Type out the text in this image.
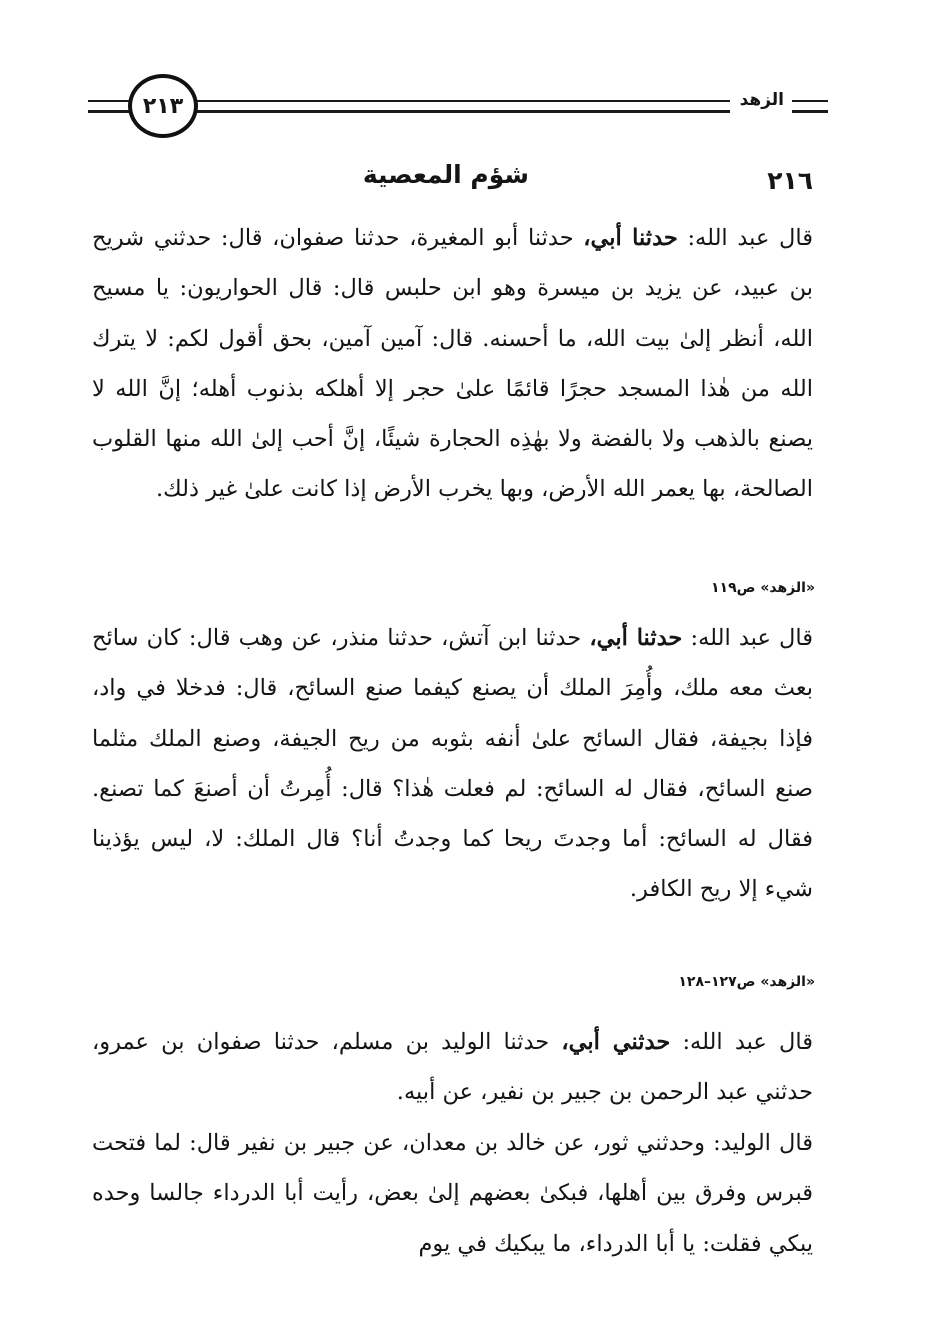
الزهد
٢١٣
٢١٦
شؤم المعصية

قال عبد الله: حدثنا أبي، حدثنا أبو المغيرة، حدثنا صفوان، قال: حدثني شريح بن عبيد، عن يزيد بن ميسرة وهو ابن حلبس قال: قال الحواريون: يا مسيح الله، أنظر إلىٰ بيت الله، ما أحسنه. قال: آمين آمين، بحق أقول لكم: لا يترك الله من هٰذا المسجد حجرًا قائمًا علىٰ حجر إلا أهلكه بذنوب أهله؛ إنَّ الله لا يصنع بالذهب ولا بالفضة ولا بهٰذِه الحجارة شيئًا، إنَّ أحب إلىٰ الله منها القلوب الصالحة، بها يعمر الله الأرض، وبها يخرب الأرض إذا كانت علىٰ غير ذلك.

«الزهد» ص١١٩

قال عبد الله: حدثنا أبي، حدثنا ابن آتش، حدثنا منذر، عن وهب قال: كان سائح بعث معه ملك، وأُمِرَ الملك أن يصنع كيفما صنع السائح، قال: فدخلا في واد، فإذا بجيفة، فقال السائح علىٰ أنفه بثوبه من ريح الجيفة، وصنع الملك مثلما صنع السائح، فقال له السائح: لم فعلت هٰذا؟ قال: أُمِرتُ أن أصنعَ كما تصنع. فقال له السائح: أما وجدتَ ريحا كما وجدتُ أنا؟ قال الملك: لا، ليس يؤذينا شيء إلا ريح الكافر.

«الزهد» ص١٢٧–١٢٨

قال عبد الله: حدثني أبي، حدثنا الوليد بن مسلم، حدثنا صفوان بن عمرو، حدثني عبد الرحمن بن جبير بن نفير، عن أبيه.

قال الوليد: وحدثني ثور، عن خالد بن معدان، عن جبير بن نفير قال: لما فتحت قبرس وفرق بين أهلها، فبكىٰ بعضهم إلىٰ بعض، رأيت أبا الدرداء جالسا وحده يبكي فقلت: يا أبا الدرداء، ما يبكيك في يوم
